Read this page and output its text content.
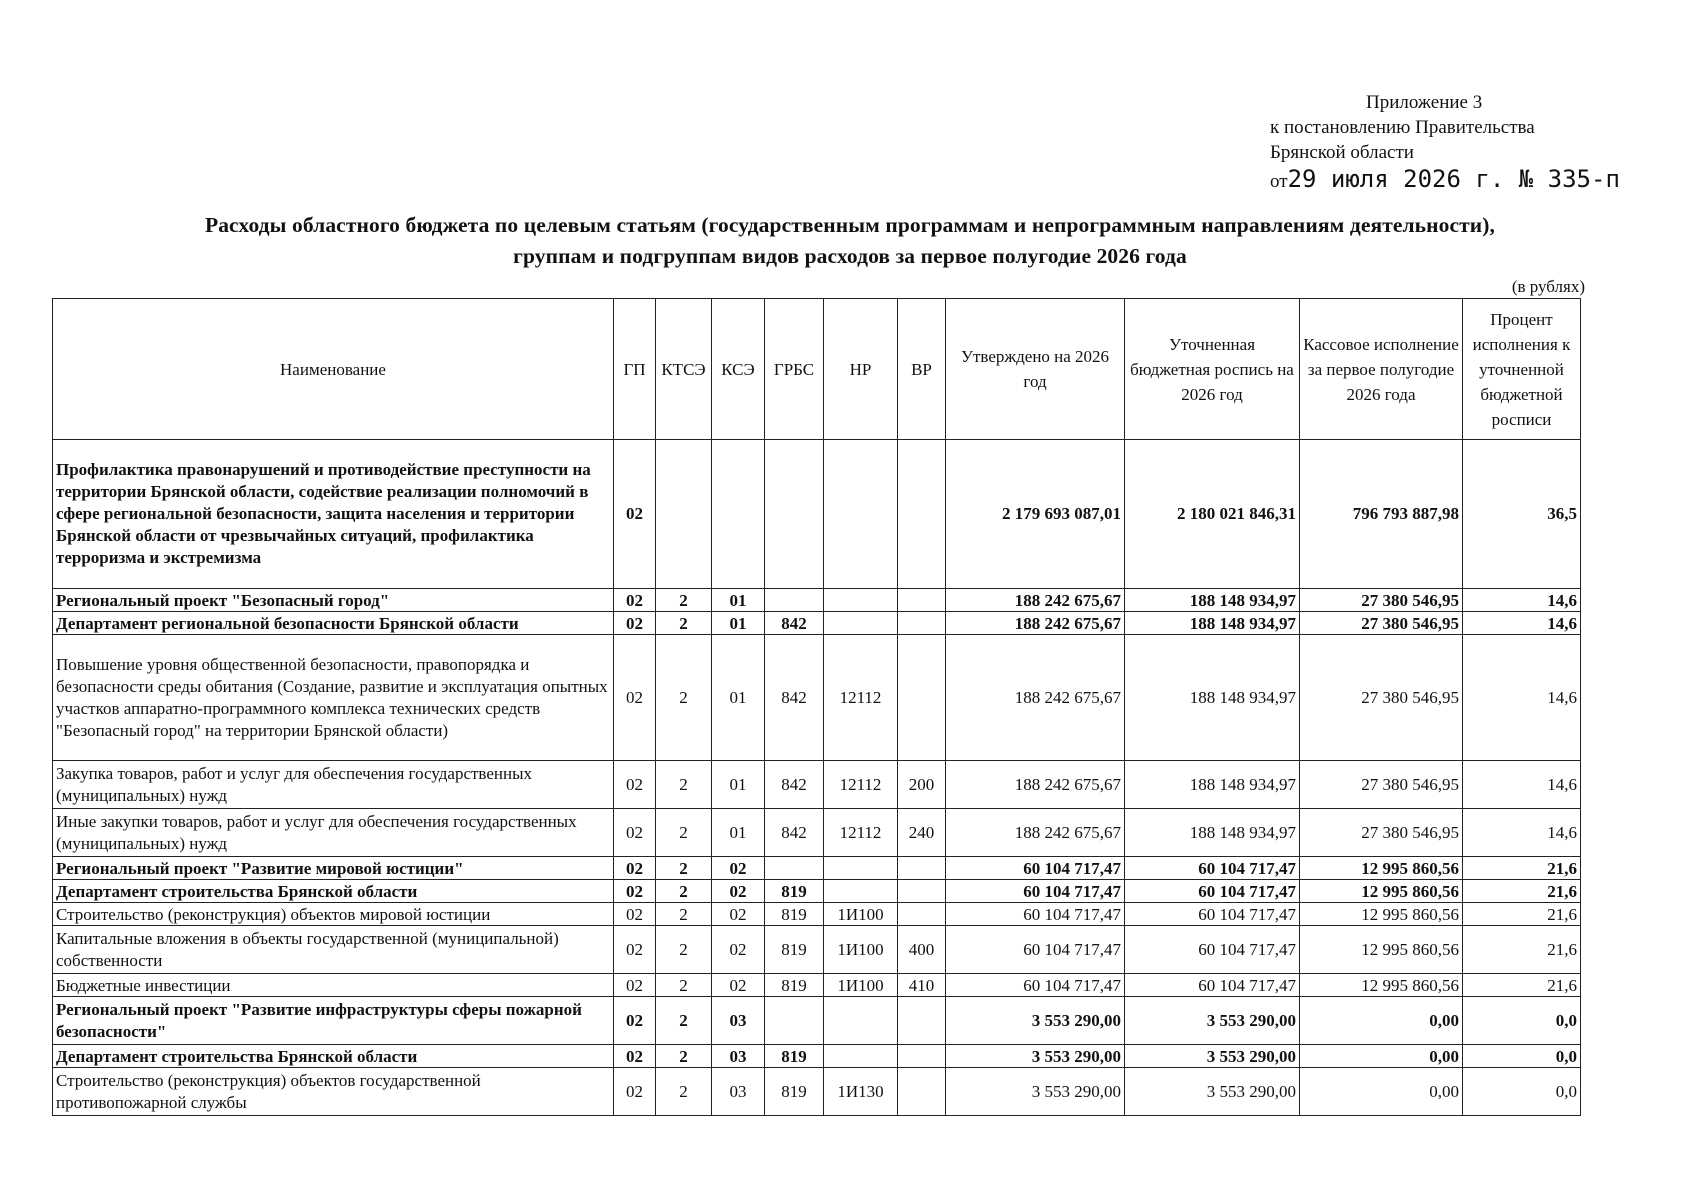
Приложение 3
к постановлению Правительства
Брянской области
от29 июля 2026 г. № 335-п
Расходы областного бюджета по целевым статьям (государственным программам и непрограммным направлениям деятельности),
группам и подгруппам видов расходов за первое полугодие 2026 года
(в рублях)
Наименование	ГП	КТСЭ	КСЭ	ГРБС	НР	ВР	Утверждено на 2026 год	Уточненная бюджетная роспись на 2026 год	Кассовое исполнение за первое полугодие 2026 года	Процент исполнения к уточненной бюджетной росписи
Профилактика правонарушений и противодействие преступности на территории Брянской области, содействие реализации полномочий в сфере региональной безопасности, защита населения и территории Брянской области от чрезвычайных ситуаций, профилактика терроризма и экстремизма	02						2 179 693 087,01	2 180 021 846,31	796 793 887,98	36,5
Региональный проект "Безопасный город"	02	2	01				188 242 675,67	188 148 934,97	27 380 546,95	14,6
Департамент региональной безопасности Брянской области	02	2	01	842			188 242 675,67	188 148 934,97	27 380 546,95	14,6
Повышение уровня общественной безопасности, правопорядка и безопасности среды обитания (Создание, развитие и эксплуатация опытных участков аппаратно-программного комплекса технических средств "Безопасный город" на территории Брянской области)	02	2	01	842	12112		188 242 675,67	188 148 934,97	27 380 546,95	14,6
Закупка товаров, работ и услуг для обеспечения государственных (муниципальных) нужд	02	2	01	842	12112	200	188 242 675,67	188 148 934,97	27 380 546,95	14,6
Иные закупки товаров, работ и услуг для обеспечения государственных (муниципальных) нужд	02	2	01	842	12112	240	188 242 675,67	188 148 934,97	27 380 546,95	14,6
Региональный проект "Развитие мировой юстиции"	02	2	02				60 104 717,47	60 104 717,47	12 995 860,56	21,6
Департамент строительства Брянской области	02	2	02	819			60 104 717,47	60 104 717,47	12 995 860,56	21,6
Строительство (реконструкция) объектов мировой юстиции	02	2	02	819	1И100		60 104 717,47	60 104 717,47	12 995 860,56	21,6
Капитальные вложения в объекты государственной (муниципальной) собственности	02	2	02	819	1И100	400	60 104 717,47	60 104 717,47	12 995 860,56	21,6
Бюджетные инвестиции	02	2	02	819	1И100	410	60 104 717,47	60 104 717,47	12 995 860,56	21,6
Региональный проект "Развитие инфраструктуры сферы пожарной безопасности"	02	2	03				3 553 290,00	3 553 290,00	0,00	0,0
Департамент строительства Брянской области	02	2	03	819			3 553 290,00	3 553 290,00	0,00	0,0
Строительство (реконструкция) объектов государственной противопожарной службы	02	2	03	819	1И130		3 553 290,00	3 553 290,00	0,00	0,0
